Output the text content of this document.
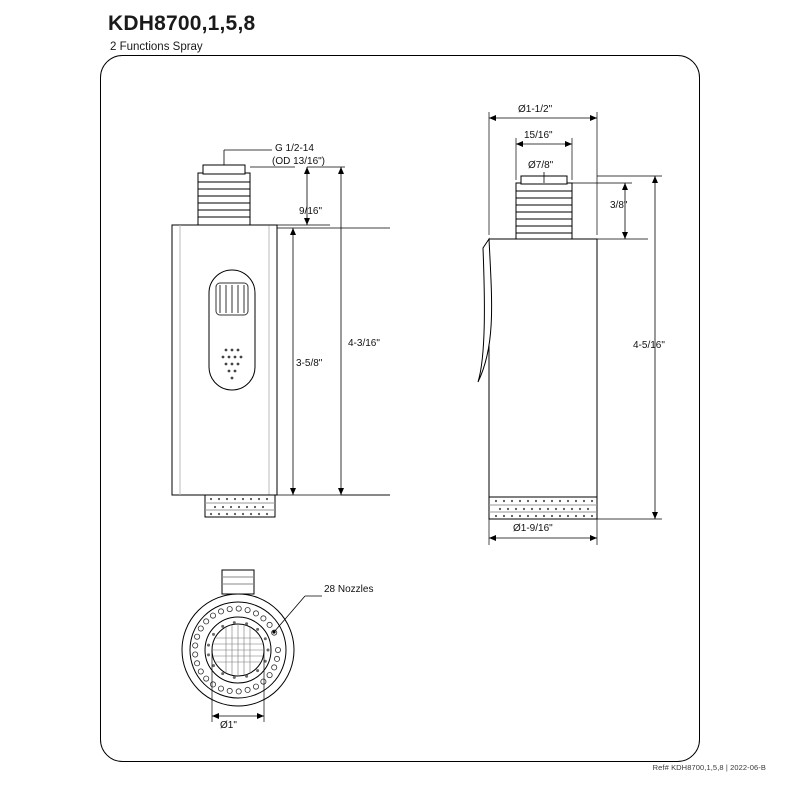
KDH8700,1,5,8
2 Functions Spray
Ref# KDH8700,1,5,8 | 2022-06-B
G 1/2-14
(OD 13/16")
9/16"
3-5/8"
4-3/16"
Ø1-1/2"
15/16"
Ø7/8"
3/8"
4-5/16"
Ø1-9/16"
28 Nozzles
Ø1"
